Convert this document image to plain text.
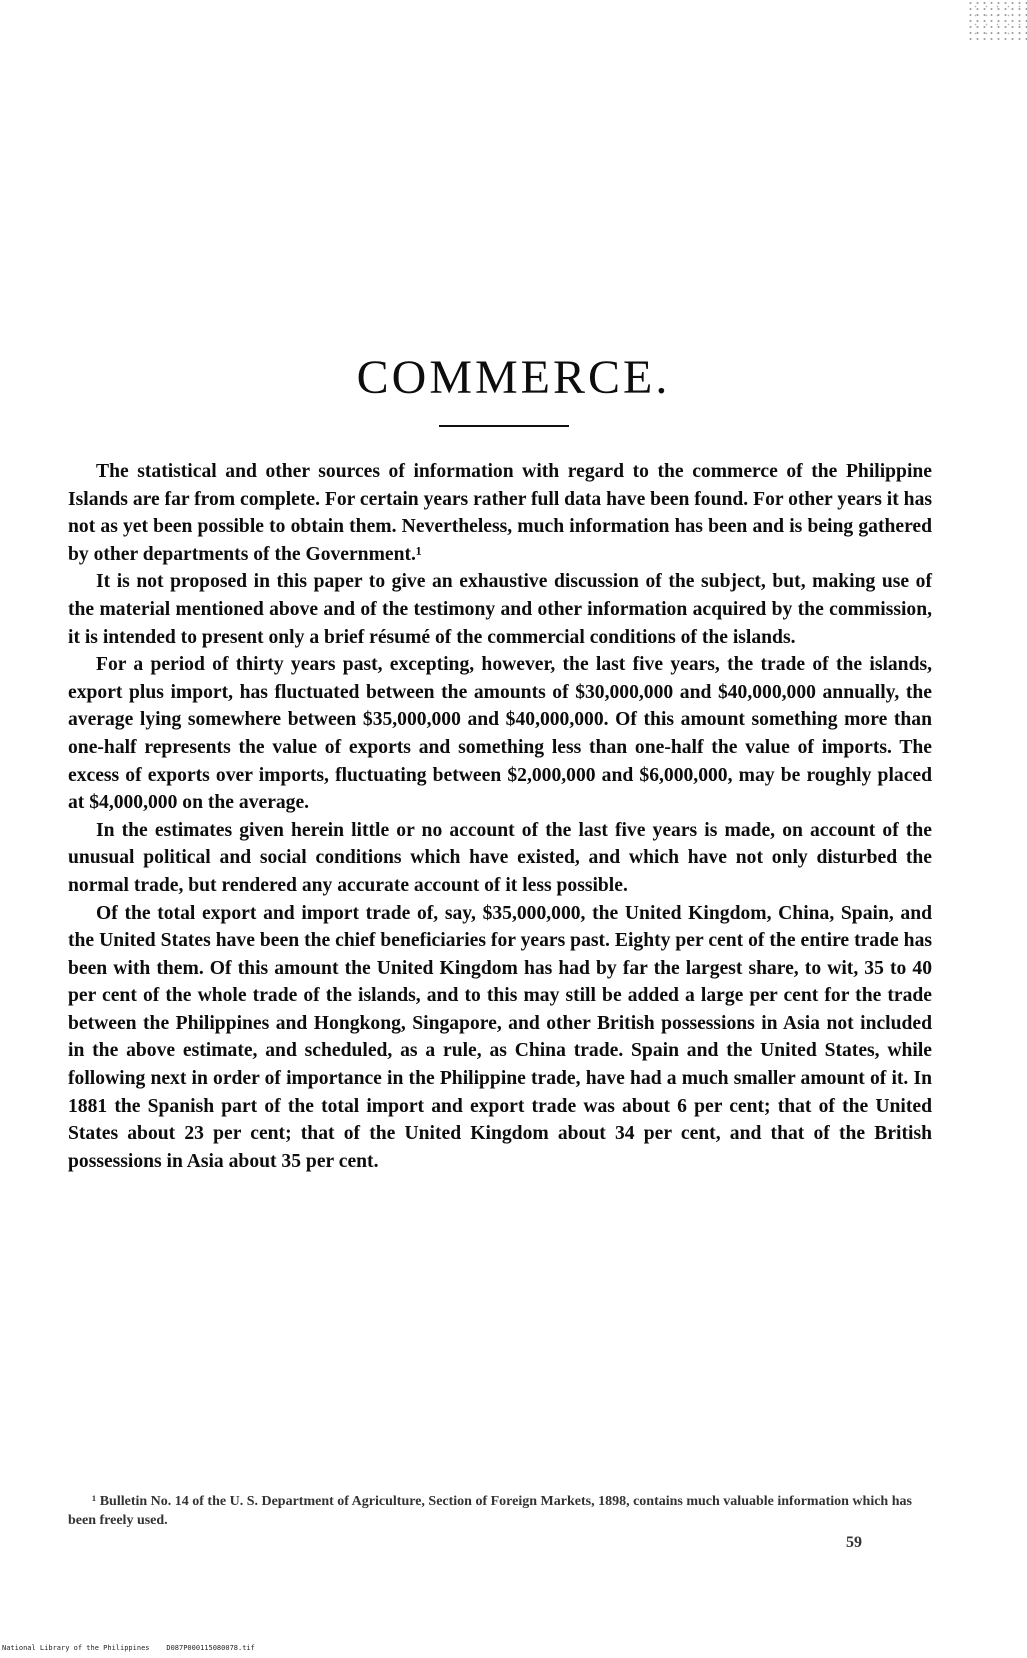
COMMERCE.

The statistical and other sources of information with regard to the commerce of the Philippine Islands are far from complete. For certain years rather full data have been found. For other years it has not as yet been possible to obtain them. Nevertheless, much information has been and is being gathered by other departments of the Government.¹

It is not proposed in this paper to give an exhaustive discussion of the subject, but, making use of the material mentioned above and of the testimony and other information acquired by the commission, it is intended to present only a brief résumé of the commercial conditions of the islands.

For a period of thirty years past, excepting, however, the last five years, the trade of the islands, export plus import, has fluctuated between the amounts of $30,000,000 and $40,000,000 annually, the average lying somewhere between $35,000,000 and $40,000,000. Of this amount something more than one-half represents the value of exports and something less than one-half the value of imports. The excess of exports over imports, fluctuating between $2,000,000 and $6,000,000, may be roughly placed at $4,000,000 on the average.

In the estimates given herein little or no account of the last five years is made, on account of the unusual political and social conditions which have existed, and which have not only disturbed the normal trade, but rendered any accurate account of it less possible.

Of the total export and import trade of, say, $35,000,000, the United Kingdom, China, Spain, and the United States have been the chief beneficiaries for years past. Eighty per cent of the entire trade has been with them. Of this amount the United Kingdom has had by far the largest share, to wit, 35 to 40 per cent of the whole trade of the islands, and to this may still be added a large per cent for the trade between the Philippines and Hongkong, Singapore, and other British possessions in Asia not included in the above estimate, and scheduled, as a rule, as China trade. Spain and the United States, while following next in order of importance in the Philippine trade, have had a much smaller amount of it. In 1881 the Spanish part of the total import and export trade was about 6 per cent; that of the United States about 23 per cent; that of the United Kingdom about 34 per cent, and that of the British possessions in Asia about 35 per cent.

¹ Bulletin No. 14 of the U. S. Department of Agriculture, Section of Foreign Markets, 1898, contains much valuable information which has been freely used.
59
National Library of the Philippines    D087P000115080078.tif
